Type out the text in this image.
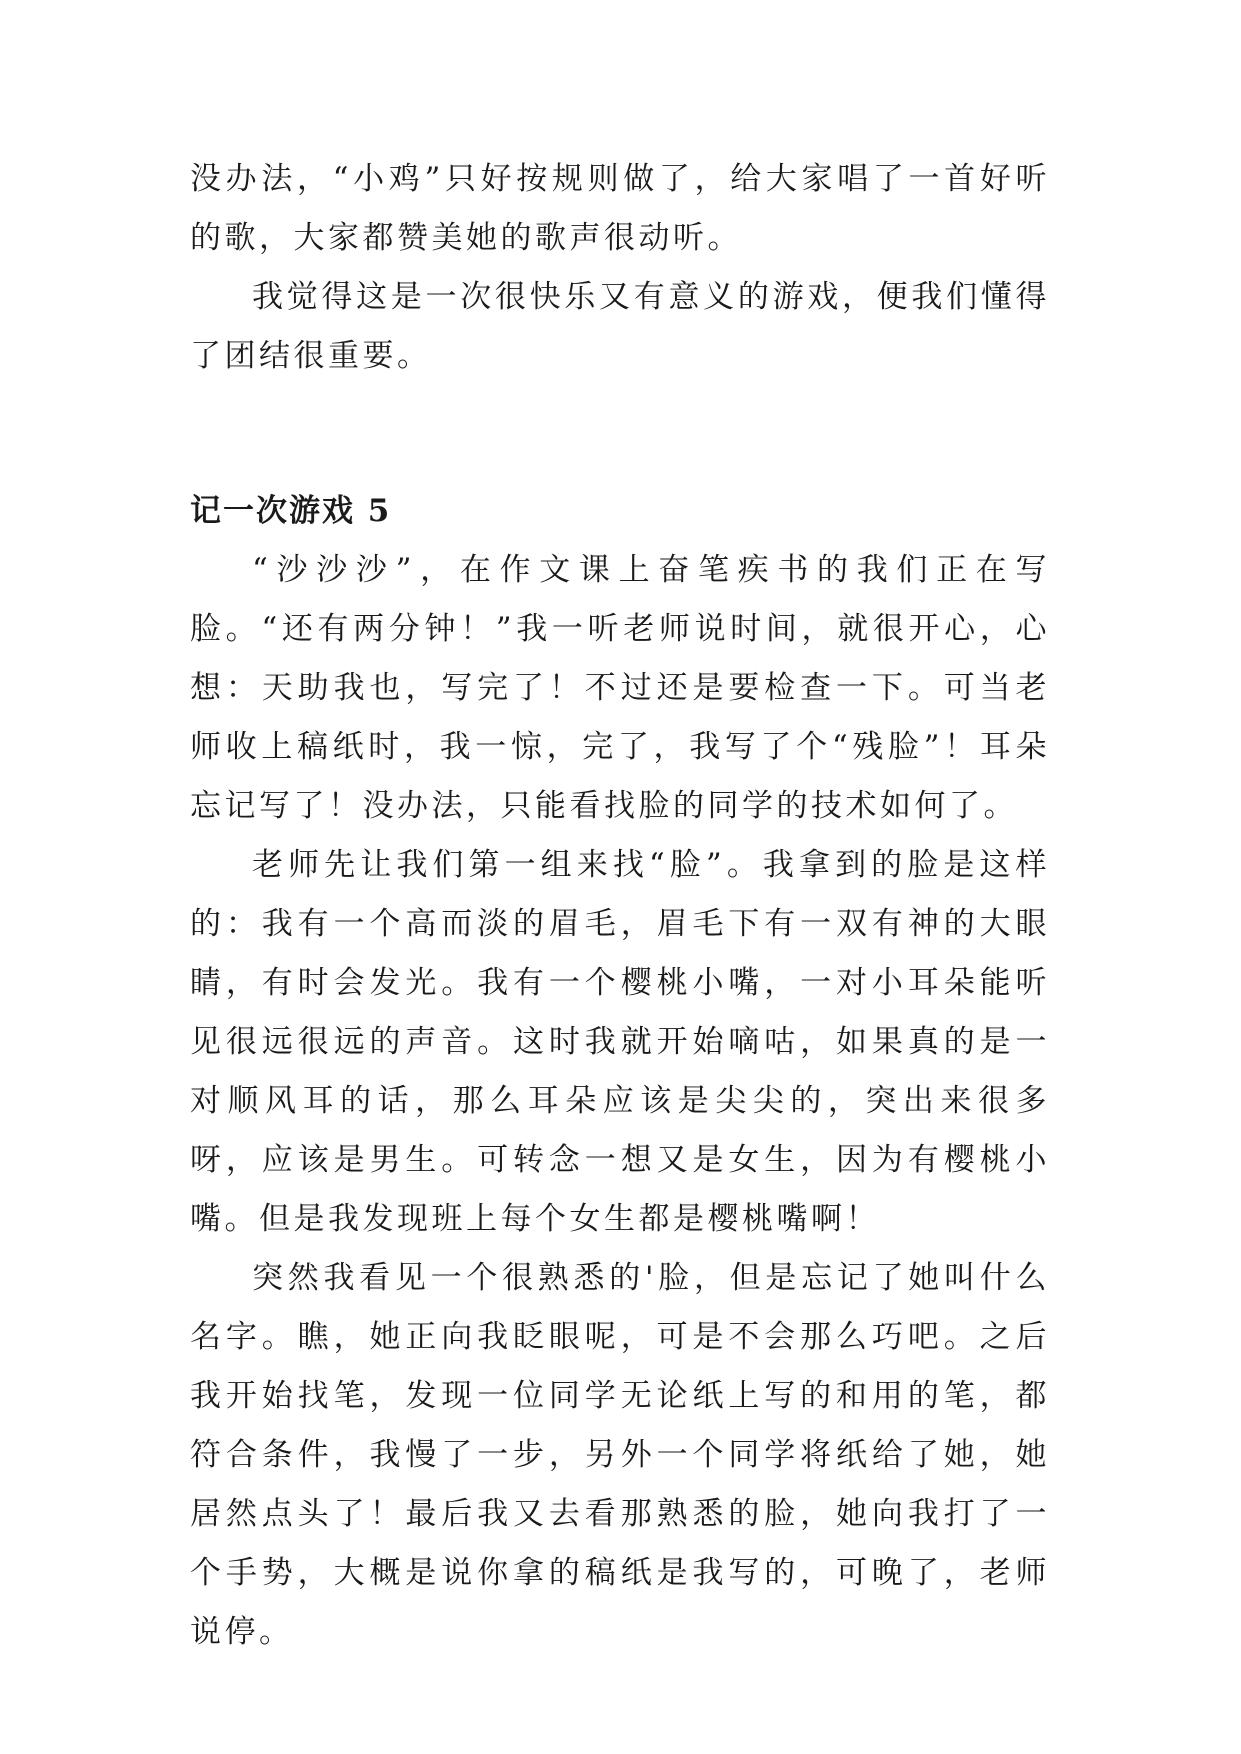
没办法，“小鸡”只好按规则做了，给大家唱了一首好听的歌，大家都赞美她的歌声很动听。

我觉得这是一次很快乐又有意义的游戏，便我们懂得了团结很重要。

记一次游戏 5

“沙沙沙”，在作文课上奋笔疾书的我们正在写脸。“还有两分钟！”我一听老师说时间，就很开心，心想：天助我也，写完了！不过还是要检查一下。可当老师收上稿纸时，我一惊，完了，我写了个“残脸”！耳朵忘记写了！没办法，只能看找脸的同学的技术如何了。

老师先让我们第一组来找“脸”。我拿到的脸是这样的：我有一个高而淡的眉毛，眉毛下有一双有神的大眼睛，有时会发光。我有一个樱桃小嘴，一对小耳朵能听见很远很远的声音。这时我就开始嘀咕，如果真的是一对顺风耳的话，那么耳朵应该是尖尖的，突出来很多呀，应该是男生。可转念一想又是女生，因为有樱桃小嘴。但是我发现班上每个女生都是樱桃嘴啊！

突然我看见一个很熟悉的'脸，但是忘记了她叫什么名字。瞧，她正向我眨眼呢，可是不会那么巧吧。之后我开始找笔，发现一位同学无论纸上写的和用的笔，都符合条件，我慢了一步，另外一个同学将纸给了她，她居然点头了！最后我又去看那熟悉的脸，她向我打了一个手势，大概是说你拿的稿纸是我写的，可晚了，老师说停。
